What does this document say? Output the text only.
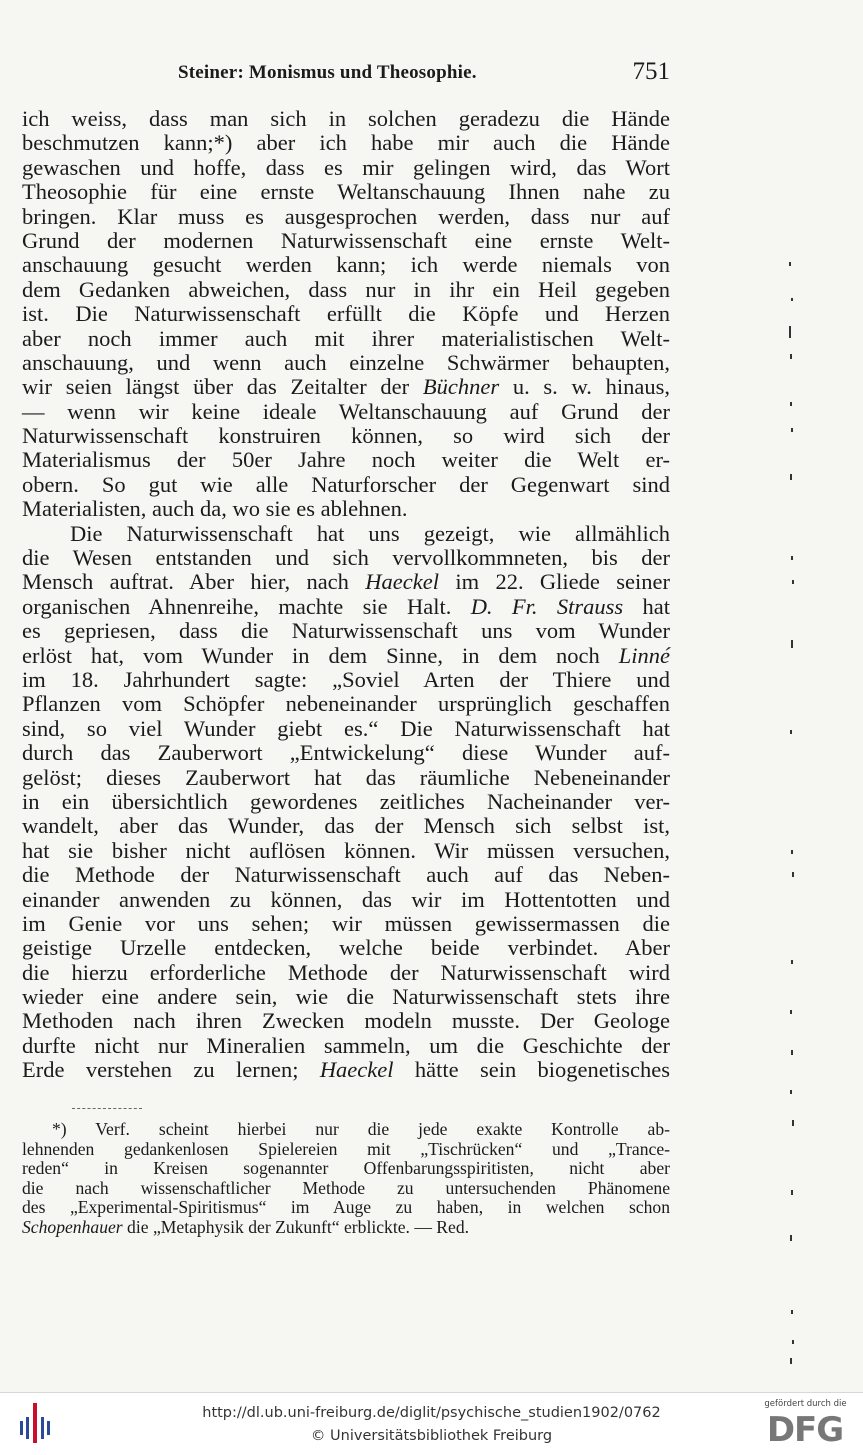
Steiner: Monismus und Theosophie.	751
ich weiss, dass man sich in solchen geradezu die Hände
beschmutzen kann;*) aber ich habe mir auch die Hände
gewaschen und hoffe, dass es mir gelingen wird, das Wort
Theosophie für eine ernste Weltanschauung Ihnen nahe zu
bringen. Klar muss es ausgesprochen werden, dass nur auf
Grund der modernen Naturwissenschaft eine ernste Welt-
anschauung gesucht werden kann; ich werde niemals von
dem Gedanken abweichen, dass nur in ihr ein Heil gegeben
ist. Die Naturwissenschaft erfüllt die Köpfe und Herzen
aber noch immer auch mit ihrer materialistischen Welt-
anschauung, und wenn auch einzelne Schwärmer behaupten,
wir seien längst über das Zeitalter der Büchner u. s. w. hinaus,
— wenn wir keine ideale Weltanschauung auf Grund der
Naturwissenschaft konstruiren können, so wird sich der
Materialismus der 50er Jahre noch weiter die Welt er-
obern. So gut wie alle Naturforscher der Gegenwart sind
Materialisten, auch da, wo sie es ablehnen.
Die Naturwissenschaft hat uns gezeigt, wie allmählich
die Wesen entstanden und sich vervollkommneten, bis der
Mensch auftrat. Aber hier, nach Haeckel im 22. Gliede seiner
organischen Ahnenreihe, machte sie Halt. D. Fr. Strauss hat
es gepriesen, dass die Naturwissenschaft uns vom Wunder
erlöst hat, vom Wunder in dem Sinne, in dem noch Linné
im 18. Jahrhundert sagte: „Soviel Arten der Thiere und
Pflanzen vom Schöpfer nebeneinander ursprünglich geschaffen
sind, so viel Wunder giebt es.“ Die Naturwissenschaft hat
durch das Zauberwort „Entwickelung“ diese Wunder auf-
gelöst; dieses Zauberwort hat das räumliche Nebeneinander
in ein übersichtlich gewordenes zeitliches Nacheinander ver-
wandelt, aber das Wunder, das der Mensch sich selbst ist,
hat sie bisher nicht auflösen können. Wir müssen versuchen,
die Methode der Naturwissenschaft auch auf das Neben-
einander anwenden zu können, das wir im Hottentotten und
im Genie vor uns sehen; wir müssen gewissermassen die
geistige Urzelle entdecken, welche beide verbindet. Aber
die hierzu erforderliche Methode der Naturwissenschaft wird
wieder eine andere sein, wie die Naturwissenschaft stets ihre
Methoden nach ihren Zwecken modeln musste. Der Geologe
durfte nicht nur Mineralien sammeln, um die Geschichte der
Erde verstehen zu lernen; Haeckel hätte sein biogenetisches
*) Verf. scheint hierbei nur die jede exakte Kontrolle ab-
lehnenden gedankenlosen Spielereien mit „Tischrücken“ und „Trance-
reden“ in Kreisen sogenannter Offenbarungsspiritisten, nicht aber
die nach wissenschaftlicher Methode zu untersuchenden Phänomene
des „Experimental-Spiritismus“ im Auge zu haben, in welchen schon
Schopenhauer die „Metaphysik der Zukunft“ erblickte. — Red.
http://dl.ub.uni-freiburg.de/diglit/psychische_studien1902/0762
© Universitätsbibliothek Freiburg
gefördert durch die
DFG
